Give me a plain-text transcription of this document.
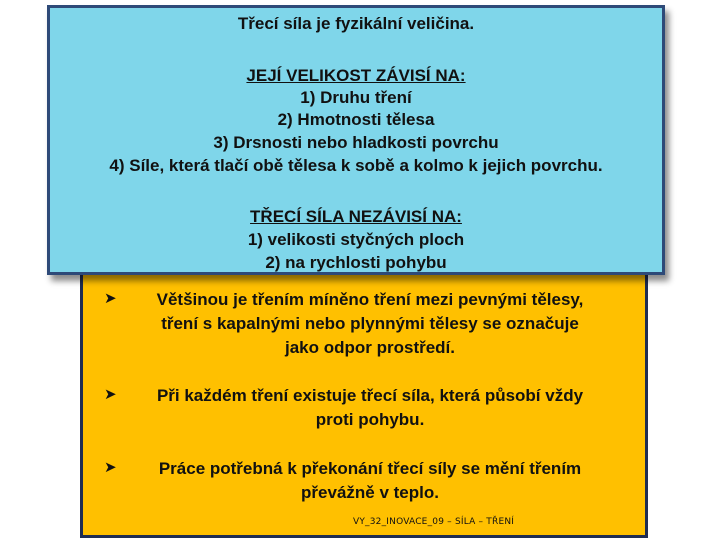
Třecí síla je fyzikální veličina.
JEJÍ VELIKOST ZÁVISÍ NA:
1) Druhu tření
2) Hmotnosti tělesa
3) Drsnosti nebo hladkosti povrchu
4) Síle, která tlačí obě tělesa k sobě a kolmo k jejich povrchu.
TŘECÍ SÍLA NEZÁVISÍ NA:
1) velikosti styčných ploch
2) na rychlosti pohybu
➤	Většinou je třením míněno tření mezi pevnými tělesy,
tření s kapalnými nebo plynnými tělesy se označuje
jako odpor prostředí.
➤	Při každém tření existuje třecí síla, která působí vždy
proti pohybu.
➤	Práce potřebná k překonání třecí síly se mění třením
převážně v teplo.
VY_32_INOVACE_09 – SÍLA – TŘENÍ
